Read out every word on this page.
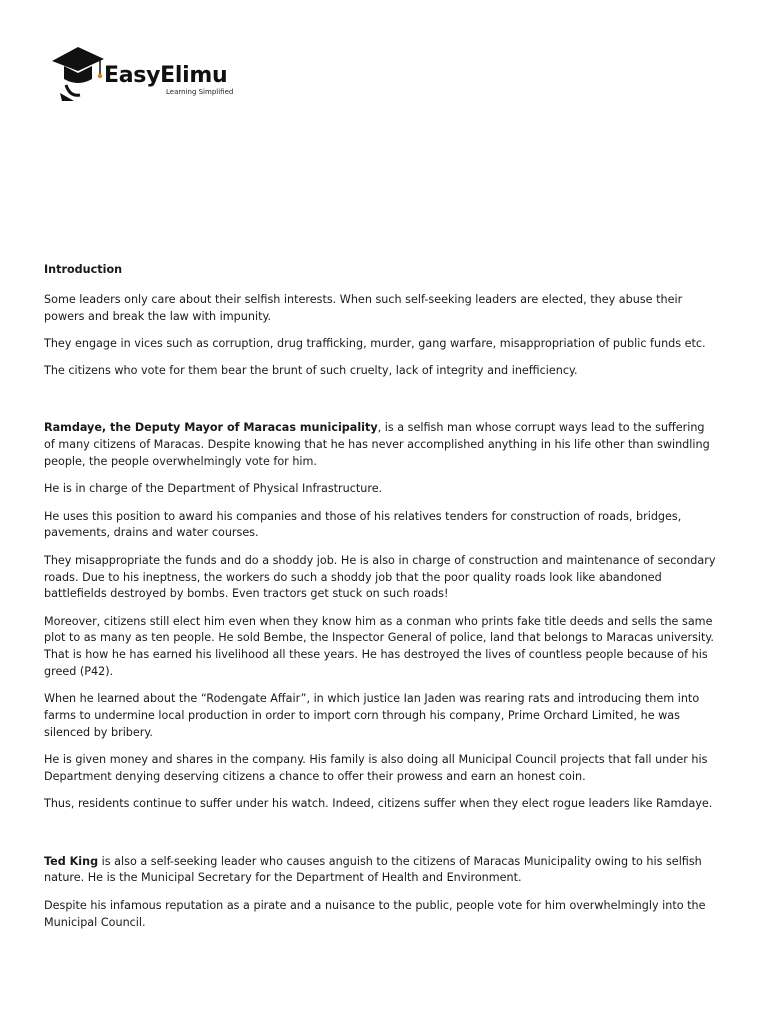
EasyElimu
Learning Simplified

Introduction

Some leaders only care about their selfish interests. When such self-seeking leaders are elected, they abuse their powers and break the law with impunity.

They engage in vices such as corruption, drug trafficking, murder, gang warfare, misappropriation of public funds etc.

The citizens who vote for them bear the brunt of such cruelty, lack of integrity and inefficiency.

Ramdaye, the Deputy Mayor of Maracas municipality, is a selfish man whose corrupt ways lead to the suffering of many citizens of Maracas. Despite knowing that he has never accomplished anything in his life other than swindling people, the people overwhelmingly vote for him.

He is in charge of the Department of Physical Infrastructure.

He uses this position to award his companies and those of his relatives tenders for construction of roads, bridges, pavements, drains and water courses.

They misappropriate the funds and do a shoddy job. He is also in charge of construction and maintenance of secondary roads. Due to his ineptness, the workers do such a shoddy job that the poor quality roads look like abandoned battlefields destroyed by bombs. Even tractors get stuck on such roads!

Moreover, citizens still elect him even when they know him as a conman who prints fake title deeds and sells the same plot to as many as ten people. He sold Bembe, the Inspector General of police, land that belongs to Maracas university. That is how he has earned his livelihood all these years. He has destroyed the lives of countless people because of his greed (P42).

When he learned about the “Rodengate Affair”, in which justice Ian Jaden was rearing rats and introducing them into farms to undermine local production in order to import corn through his company, Prime Orchard Limited, he was silenced by bribery.

He is given money and shares in the company. His family is also doing all Municipal Council projects that fall under his Department denying deserving citizens a chance to offer their prowess and earn an honest coin.

Thus, residents continue to suffer under his watch. Indeed, citizens suffer when they elect rogue leaders like Ramdaye.

Ted King is also a self-seeking leader who causes anguish to the citizens of Maracas Municipality owing to his selfish nature. He is the Municipal Secretary for the Department of Health and Environment.

Despite his infamous reputation as a pirate and a nuisance to the public, people vote for him overwhelmingly into the Municipal Council.
